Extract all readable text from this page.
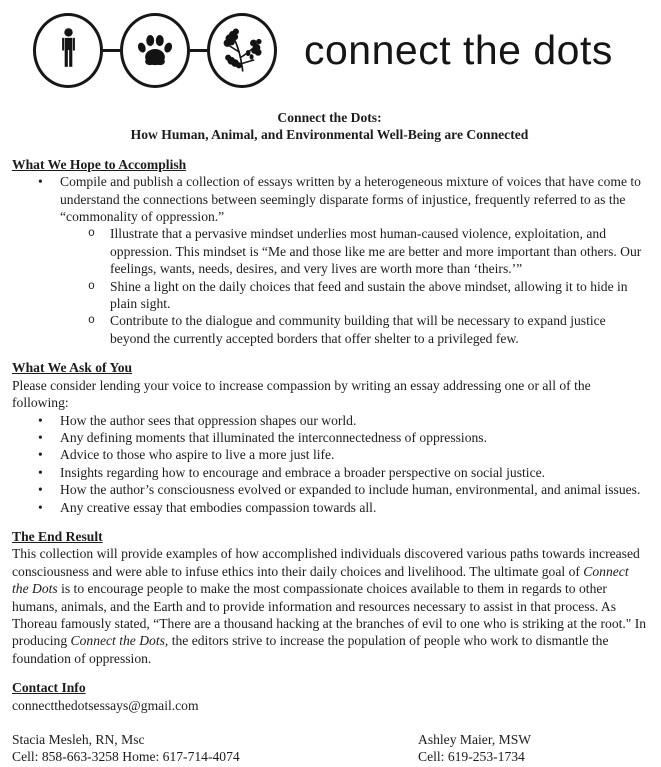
connect the dots
Connect the Dots:
How Human, Animal, and Environmental Well-Being are Connected
What We Hope to Accomplish
•	Compile and publish a collection of essays written by a heterogeneous mixture of voices that have come to understand the connections between seemingly disparate forms of injustice, frequently referred to as the “commonality of oppression.”
o	Illustrate that a pervasive mindset underlies most human-caused violence, exploitation, and oppression. This mindset is “Me and those like me are better and more important than others. Our feelings, wants, needs, desires, and very lives are worth more than ‘theirs.’”
o	Shine a light on the daily choices that feed and sustain the above mindset, allowing it to hide in plain sight.
o	Contribute to the dialogue and community building that will be necessary to expand justice beyond the currently accepted borders that offer shelter to a privileged few.
What We Ask of You

Please consider lending your voice to increase compassion by writing an essay addressing one or all of the following:

•	How the author sees that oppression shapes our world.
•	Any defining moments that illuminated the interconnectedness of oppressions.
•	Advice to those who aspire to live a more just life.
•	Insights regarding how to encourage and embrace a broader perspective on social justice.
•	How the author’s consciousness evolved or expanded to include human, environmental, and animal issues.
•	Any creative essay that embodies compassion towards all.
The End Result

This collection will provide examples of how accomplished individuals discovered various paths towards increased consciousness and were able to infuse ethics into their daily choices and livelihood. The ultimate goal of Connect the Dots is to encourage people to make the most compassionate choices available to them in regards to other humans, animals, and the Earth and to provide information and resources necessary to assist in that process. As Thoreau famously stated, “There are a thousand hacking at the branches of evil to one who is striking at the root." In producing Connect the Dots, the editors strive to increase the population of people who work to dismantle the foundation of oppression.

Contact Info
connectthedotsessays@gmail.com
Stacia Mesleh, RN, Msc
Cell: 858-663-3258 Home: 617-714-4074
Ashley Maier, MSW
Cell: 619-253-1734
